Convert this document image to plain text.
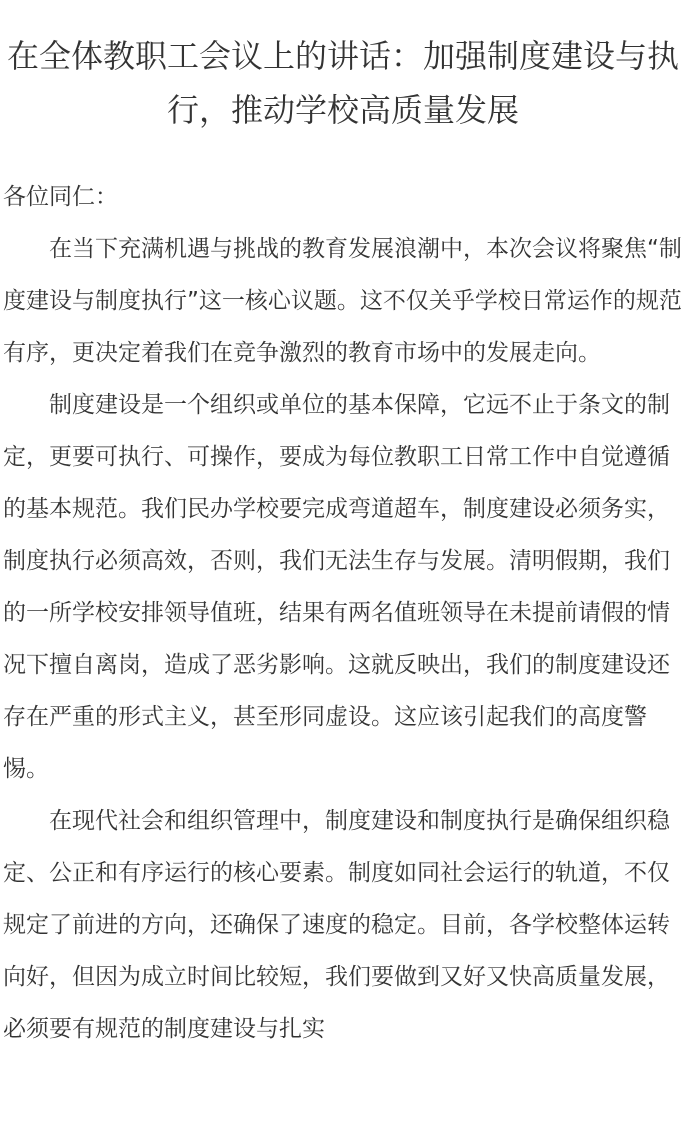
在全体教职工会议上的讲话：加强制度建设与执行，推动学校高质量发展

各位同仁：

在当下充满机遇与挑战的教育发展浪潮中，本次会议将聚焦“制度建设与制度执行”这一核心议题。这不仅关乎学校日常运作的规范有序，更决定着我们在竞争激烈的教育市场中的发展走向。

制度建设是一个组织或单位的基本保障，它远不止于条文的制定，更要可执行、可操作，要成为每位教职工日常工作中自觉遵循的基本规范。我们民办学校要完成弯道超车，制度建设必须务实，制度执行必须高效，否则，我们无法生存与发展。清明假期，我们的一所学校安排领导值班，结果有两名值班领导在未提前请假的情况下擅自离岗，造成了恶劣影响。这就反映出，我们的制度建设还存在严重的形式主义，甚至形同虚设。这应该引起我们的高度警惕。

在现代社会和组织管理中，制度建设和制度执行是确保组织稳定、公正和有序运行的核心要素。制度如同社会运行的轨道，不仅规定了前进的方向，还确保了速度的稳定。目前，各学校整体运转向好，但因为成立时间比较短，我们要做到又好又快高质量发展，必须要有规范的制度建设与扎实
